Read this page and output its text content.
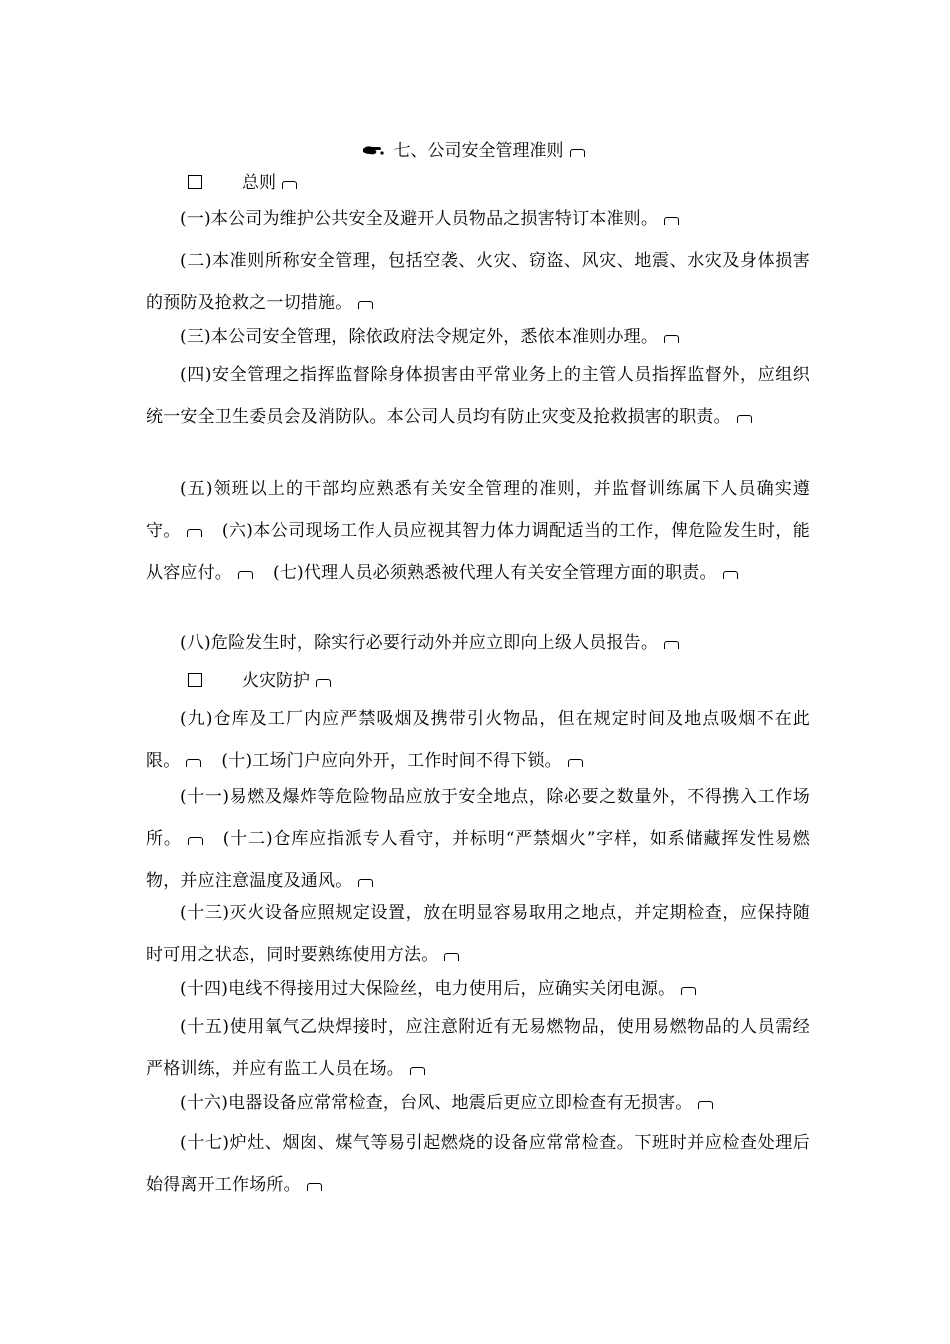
七、公司安全管理准则
总则
(一)本公司为维护公共安全及避开人员物品之损害特订本准则。
(二)本准则所称安全管理，包括空袭、火灾、窃盗、风灾、地震、水灾及身体损害的预防及抢救之一切措施。
(三)本公司安全管理，除依政府法令规定外，悉依本准则办理。
(四)安全管理之指挥监督除身体损害由平常业务上的主管人员指挥监督外，应组织统一安全卫生委员会及消防队。本公司人员均有防止灾变及抢救损害的职责。
(五)领班以上的干部均应熟悉有关安全管理的准则，并监督训练属下人员确实遵守。 (六)本公司现场工作人员应视其智力体力调配适当的工作，俾危险发生时，能从容应付。 (七)代理人员必须熟悉被代理人有关安全管理方面的职责。
(八)危险发生时，除实行必要行动外并应立即向上级人员报告。
火灾防护
(九)仓库及工厂内应严禁吸烟及携带引火物品，但在规定时间及地点吸烟不在此限。 (十)工场门户应向外开，工作时间不得下锁。
(十一)易燃及爆炸等危险物品应放于安全地点，除必要之数量外，不得携入工作场所。 (十二)仓库应指派专人看守，并标明“严禁烟火”字样，如系储藏挥发性易燃物，并应注意温度及通风。
(十三)灭火设备应照规定设置，放在明显容易取用之地点，并定期检查，应保持随时可用之状态，同时要熟练使用方法。
(十四)电线不得接用过大保险丝，电力使用后，应确实关闭电源。
(十五)使用氧气乙炔焊接时，应注意附近有无易燃物品，使用易燃物品的人员需经严格训练，并应有监工人员在场。
(十六)电器设备应常常检查，台风、地震后更应立即检查有无损害。
(十七)炉灶、烟囱、煤气等易引起燃烧的设备应常常检查。下班时并应检查处理后始得离开工作场所。
